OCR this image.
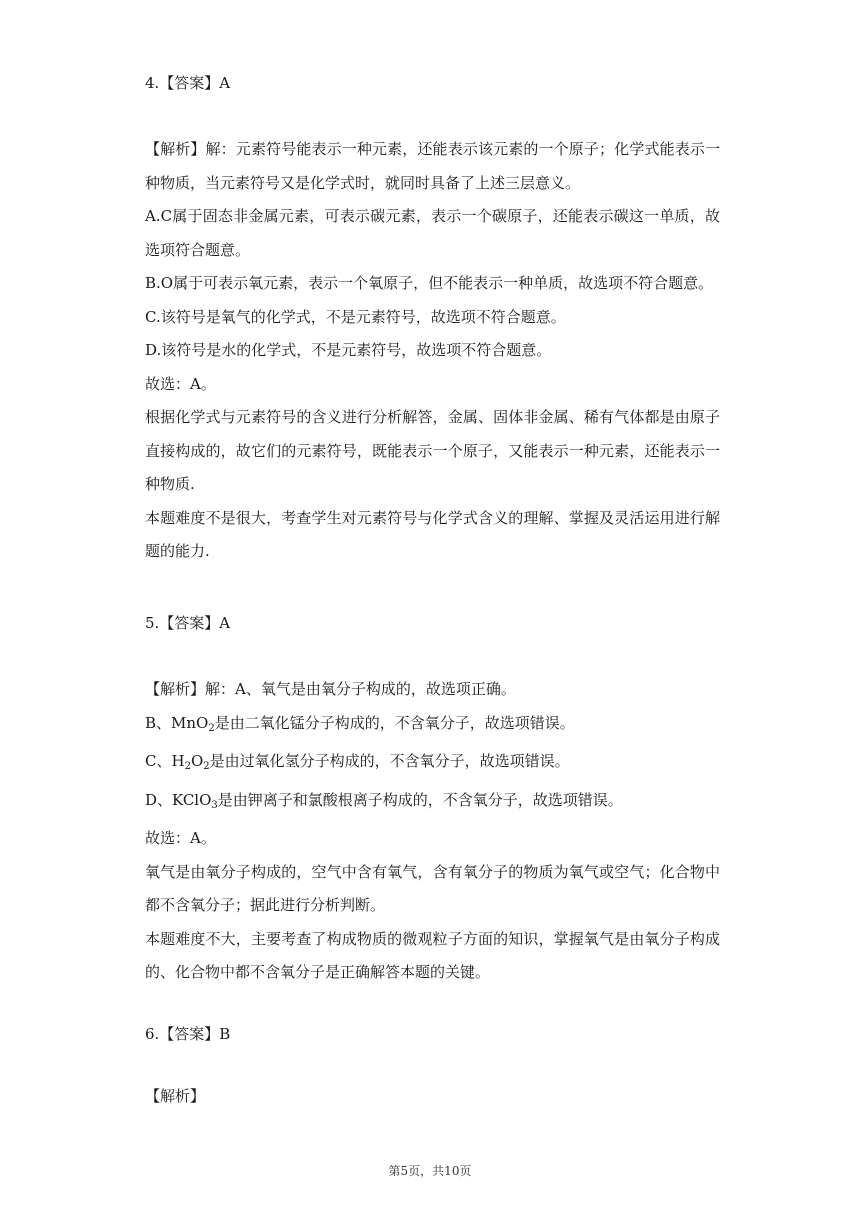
4.【答案】A

【解析】解：元素符号能表示一种元素，还能表示该元素的一个原子；化学式能表示一种物质，当元素符号又是化学式时，就同时具备了上述三层意义。

A.C属于固态非金属元素，可表示碳元素，表示一个碳原子，还能表示碳这一单质，故选项符合题意。

B.O属于可表示氧元素，表示一个氧原子，但不能表示一种单质，故选项不符合题意。

C.该符号是氧气的化学式，不是元素符号，故选项不符合题意。

D.该符号是水的化学式，不是元素符号，故选项不符合题意。

故选：A。

根据化学式与元素符号的含义进行分析解答，金属、固体非金属、稀有气体都是由原子直接构成的，故它们的元素符号，既能表示一个原子，又能表示一种元素，还能表示一种物质.

本题难度不是很大，考查学生对元素符号与化学式含义的理解、掌握及灵活运用进行解题的能力.

5.【答案】A

【解析】解：A、氧气是由氧分子构成的，故选项正确。

B、MnO$_2$是由二氧化锰分子构成的，不含氧分子，故选项错误。

C、$H_2O_2$是由过氧化氢分子构成的，不含氧分子，故选项错误。

D、KClO$_3$是由钾离子和氯酸根离子构成的，不含氧分子，故选项错误。

故选：A。

氧气是由氧分子构成的，空气中含有氧气，含有氧分子的物质为氧气或空气；化合物中都不含氧分子；据此进行分析判断。

本题难度不大，主要考查了构成物质的微观粒子方面的知识，掌握氧气是由氧分子构成的、化合物中都不含氧分子是正确解答本题的关键。

6.【答案】B

【解析】

第5页，共10页
